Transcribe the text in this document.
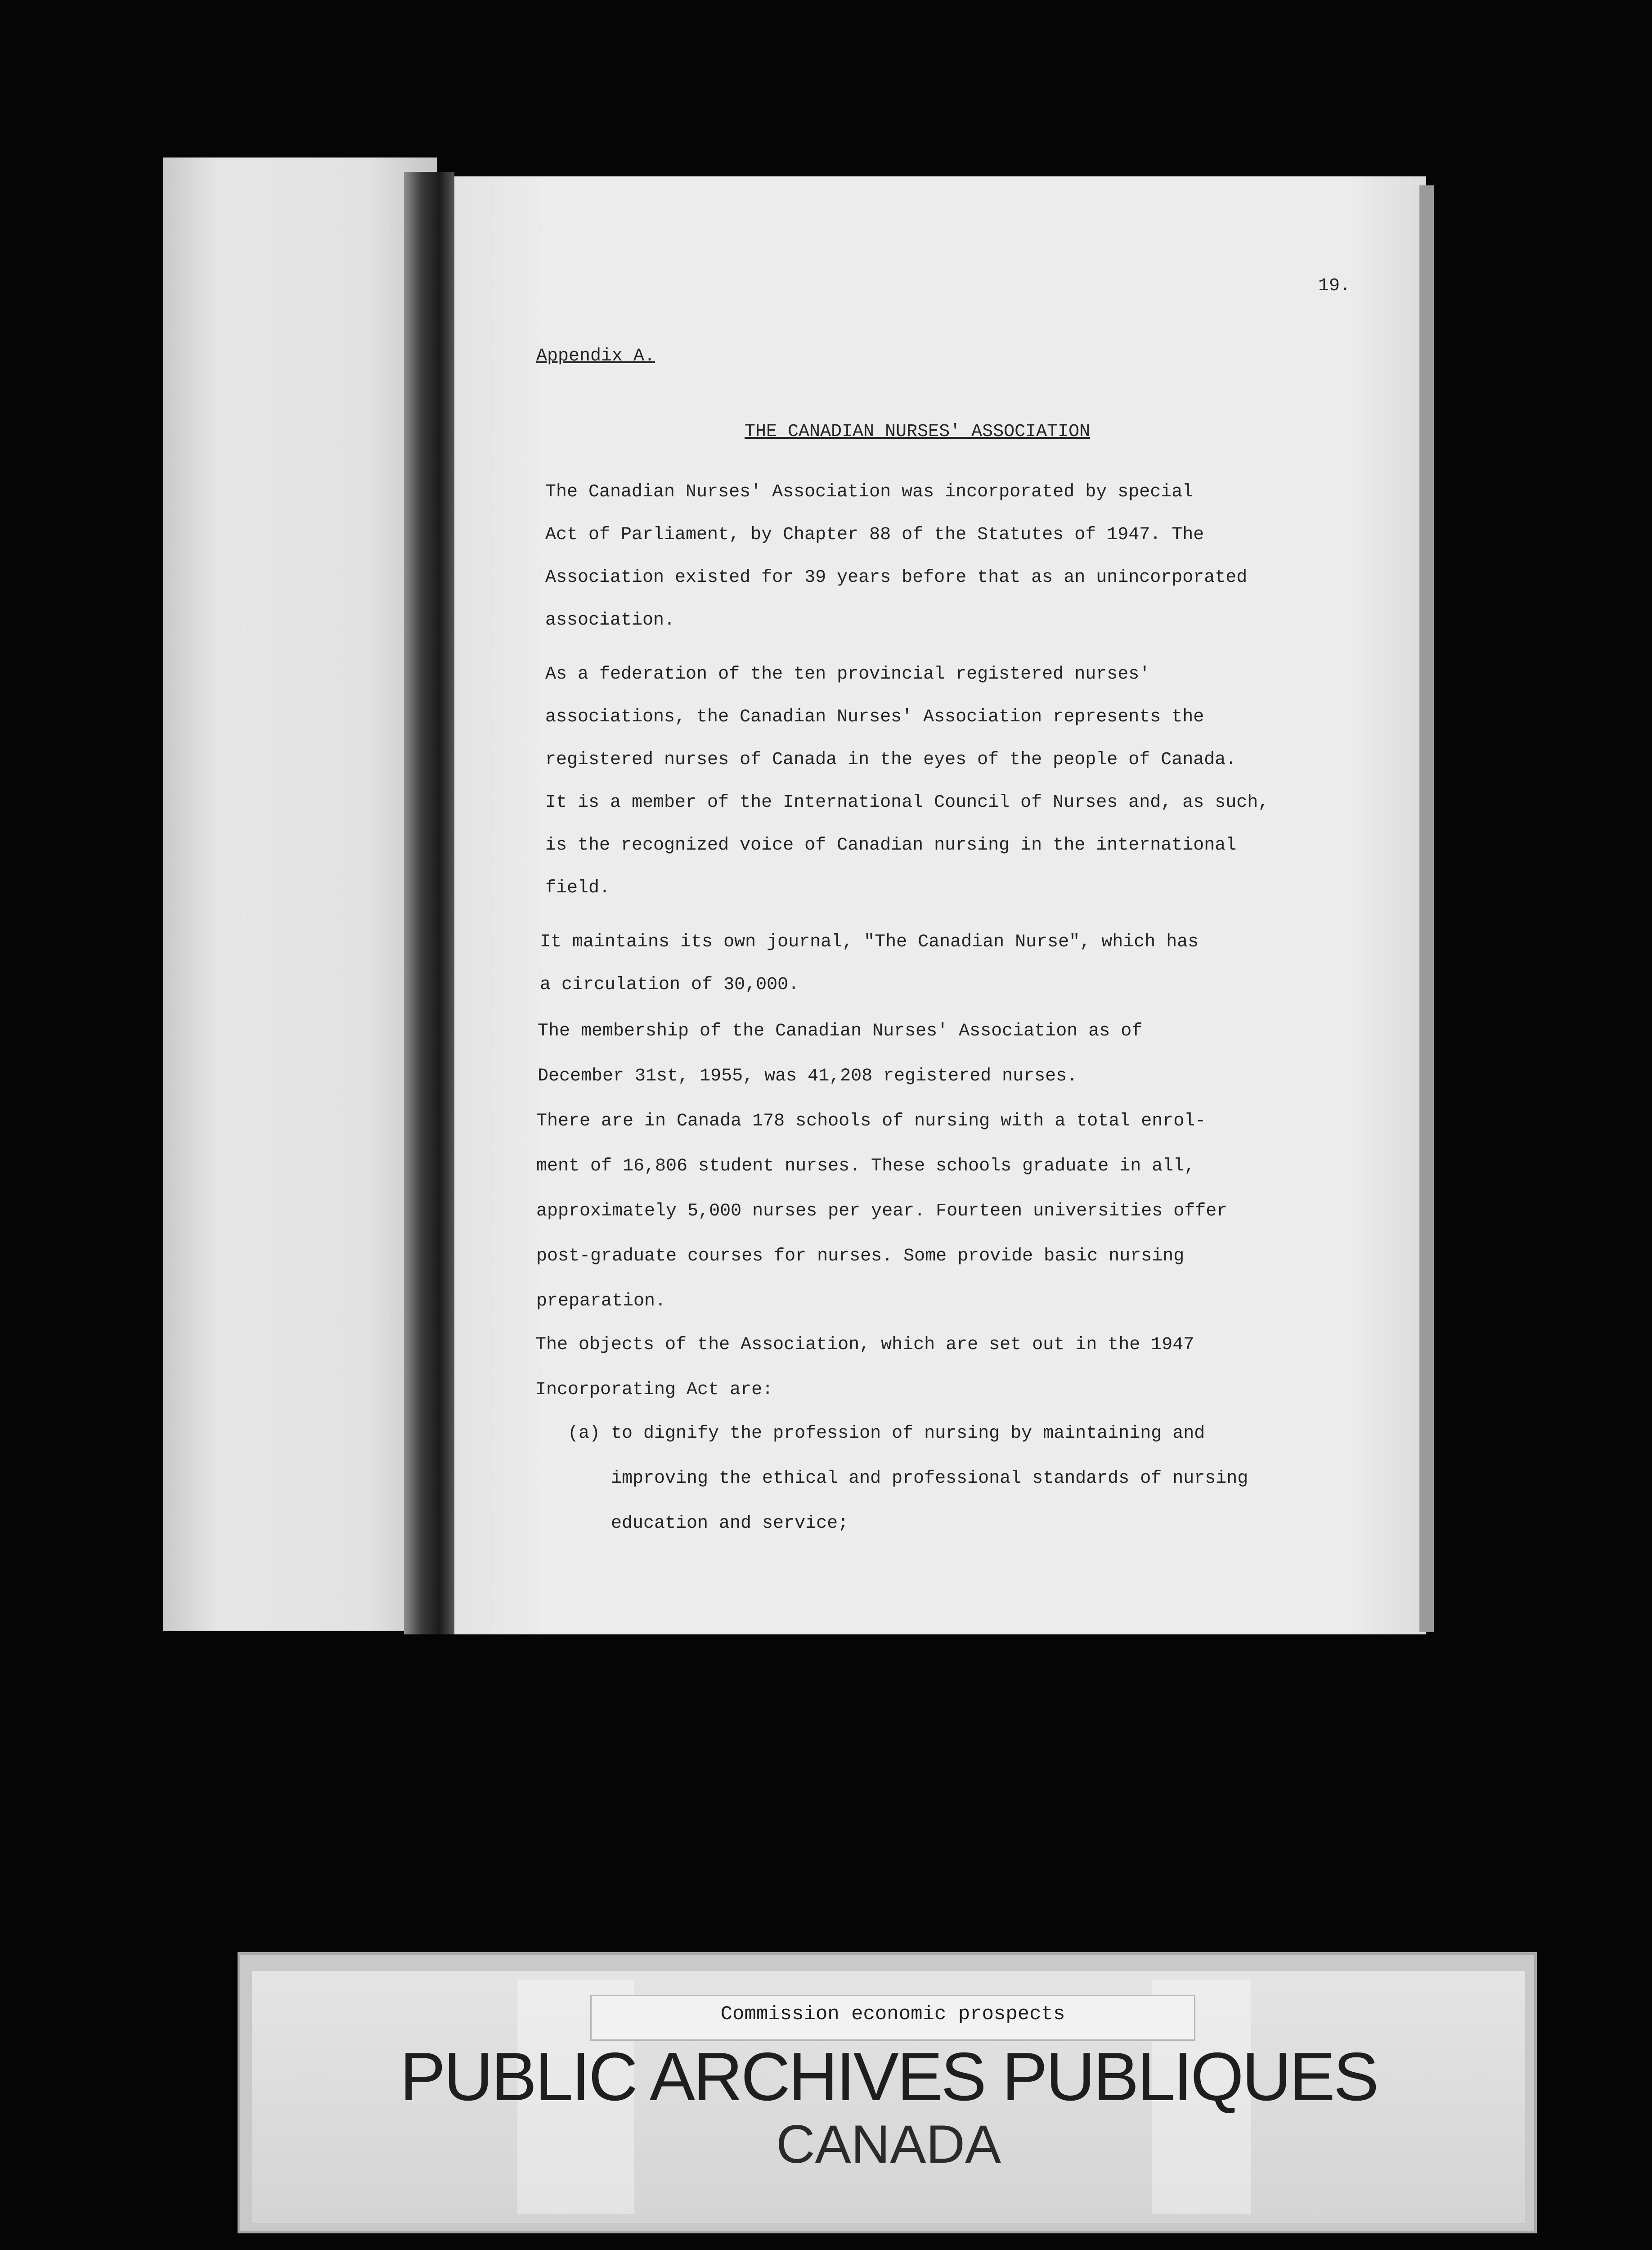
19.

Appendix A.

THE CANADIAN NURSES' ASSOCIATION

The Canadian Nurses' Association was incorporated by special

Act of Parliament, by Chapter 88 of the Statutes of 1947. The

Association existed for 39 years before that as an unincorporated

association.

As a federation of the ten provincial registered nurses'

associations, the Canadian Nurses' Association represents the

registered nurses of Canada in the eyes of the people of Canada.

It is a member of the International Council of Nurses and, as such,

is the recognized voice of Canadian nursing in the international

field.

It maintains its own journal, "The Canadian Nurse", which has

a circulation of 30,000.

The membership of the Canadian Nurses' Association as of

December 31st, 1955, was 41,208 registered nurses.

There are in Canada 178 schools of nursing with a total enrol-

ment of 16,806 student nurses. These schools graduate in all,

approximately 5,000 nurses per year. Fourteen universities offer

post-graduate courses for nurses. Some provide basic nursing

preparation.

The objects of the Association, which are set out in the 1947

Incorporating Act are:

(a) to dignify the profession of nursing by maintaining and

improving the ethical and professional standards of nursing

education and service;

Commission economic prospects

PUBLIC ARCHIVES PUBLIQUES

CANADA
